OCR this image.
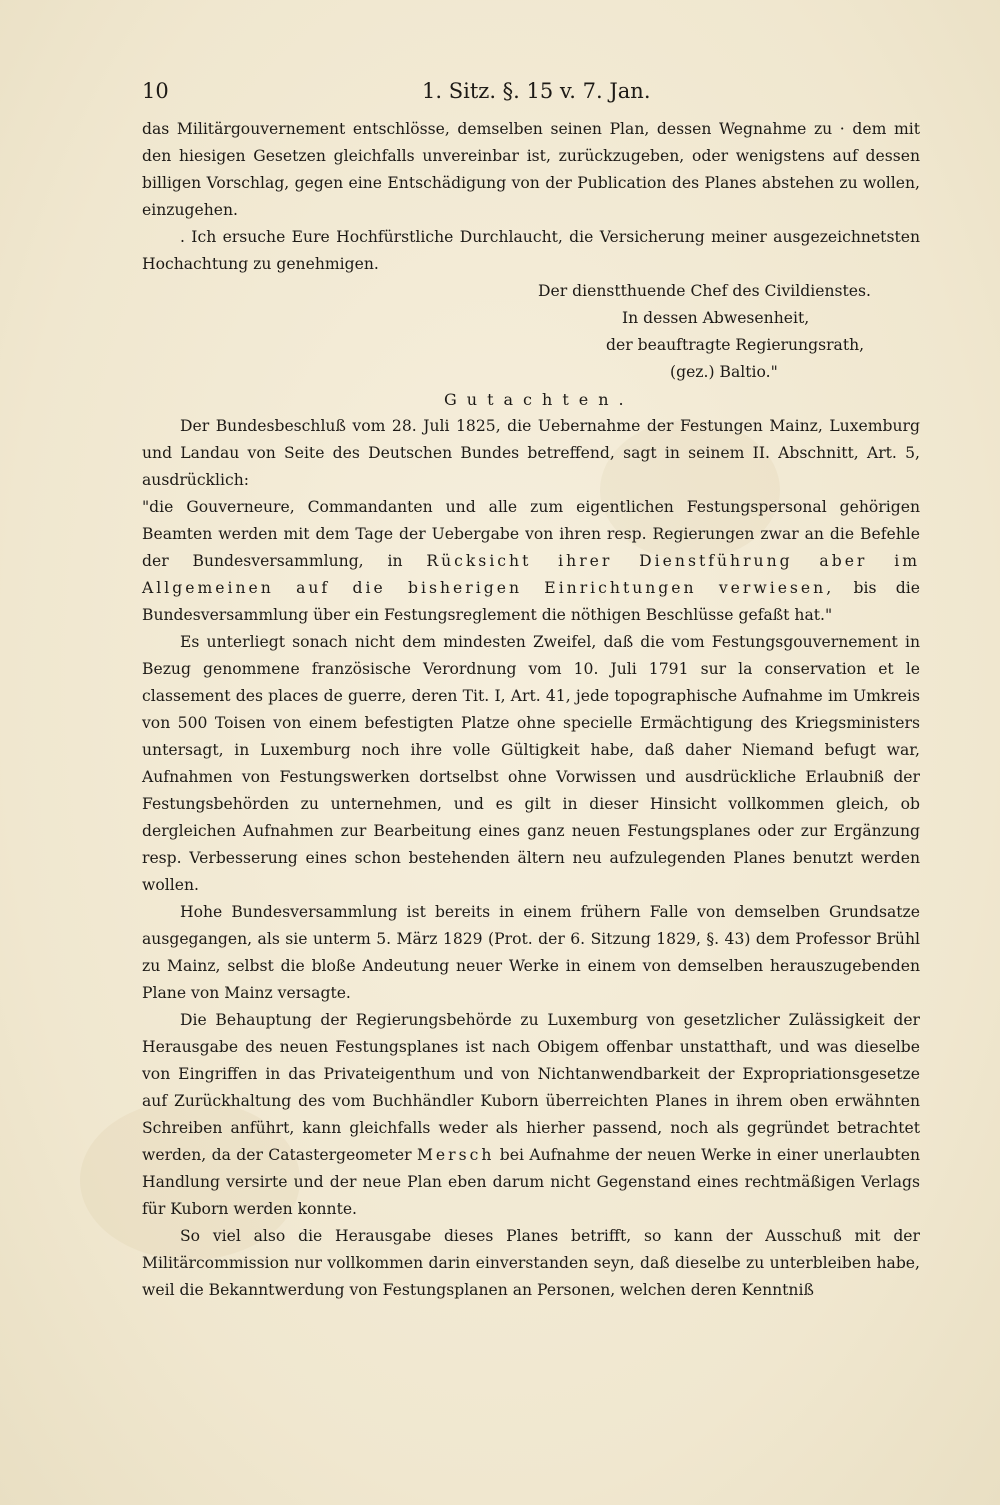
10	1. Sitz. §. 15 v. 7. Jan.

das Militärgouvernement entschlösse, demselben seinen Plan, dessen Wegnahme zu · dem mit den hiesigen Gesetzen gleichfalls unvereinbar ist, zurückzugeben, oder wenigstens auf dessen billigen Vorschlag, gegen eine Entschädigung von der Publication des Planes abstehen zu wollen, einzugehen.

. Ich ersuche Eure Hochfürstliche Durchlaucht, die Versicherung meiner ausgezeichnetsten Hochachtung zu genehmigen.

Der dienstthuende Chef des Civildienstes.
In dessen Abwesenheit,
der beauftragte Regierungsrath,
(gez.) Baltio."
Gutachten.

Der Bundesbeschluß vom 28. Juli 1825, die Uebernahme der Festungen Mainz, Luxemburg und Landau von Seite des Deutschen Bundes betreffend, sagt in seinem II. Abschnitt, Art. 5, ausdrücklich:

"die Gouverneure, Commandanten und alle zum eigentlichen Festungspersonal gehörigen Beamten werden mit dem Tage der Uebergabe von ihren resp. Regierungen zwar an die Befehle der Bundesversammlung, in Rücksicht ihrer Dienstführung aber im Allgemeinen auf die bisherigen Einrichtungen verwiesen, bis die Bundesversammlung über ein Festungsreglement die nöthigen Beschlüsse gefaßt hat."

Es unterliegt sonach nicht dem mindesten Zweifel, daß die vom Festungsgouvernement in Bezug genommene französische Verordnung vom 10. Juli 1791 sur la conservation et le classement des places de guerre, deren Tit. I, Art. 41, jede topographische Aufnahme im Umkreis von 500 Toisen von einem befestigten Platze ohne specielle Ermächtigung des Kriegsministers untersagt, in Luxemburg noch ihre volle Gültigkeit habe, daß daher Niemand befugt war, Aufnahmen von Festungswerken dortselbst ohne Vorwissen und ausdrückliche Erlaubniß der Festungsbehörden zu unternehmen, und es gilt in dieser Hinsicht vollkommen gleich, ob dergleichen Aufnahmen zur Bearbeitung eines ganz neuen Festungsplanes oder zur Ergänzung resp. Verbesserung eines schon bestehenden ältern neu aufzulegenden Planes benutzt werden wollen.

Hohe Bundesversammlung ist bereits in einem frühern Falle von demselben Grundsatze ausgegangen, als sie unterm 5. März 1829 (Prot. der 6. Sitzung 1829, §. 43) dem Professor Brühl zu Mainz, selbst die bloße Andeutung neuer Werke in einem von demselben herauszugebenden Plane von Mainz versagte.

Die Behauptung der Regierungsbehörde zu Luxemburg von gesetzlicher Zulässigkeit der Herausgabe des neuen Festungsplanes ist nach Obigem offenbar unstatthaft, und was dieselbe von Eingriffen in das Privateigenthum und von Nichtanwendbarkeit der Expropriationsgesetze auf Zurückhaltung des vom Buchhändler Kuborn überreichten Planes in ihrem oben erwähnten Schreiben anführt, kann gleichfalls weder als hierher passend, noch als gegründet betrachtet werden, da der Catastergeometer Mersch bei Aufnahme der neuen Werke in einer unerlaubten Handlung versirte und der neue Plan eben darum nicht Gegenstand eines rechtmäßigen Verlags für Kuborn werden konnte.

So viel also die Herausgabe dieses Planes betrifft, so kann der Ausschuß mit der Militärcommission nur vollkommen darin einverstanden seyn, daß dieselbe zu unterbleiben habe, weil die Bekanntwerdung von Festungsplanen an Personen, welchen deren Kenntniß
